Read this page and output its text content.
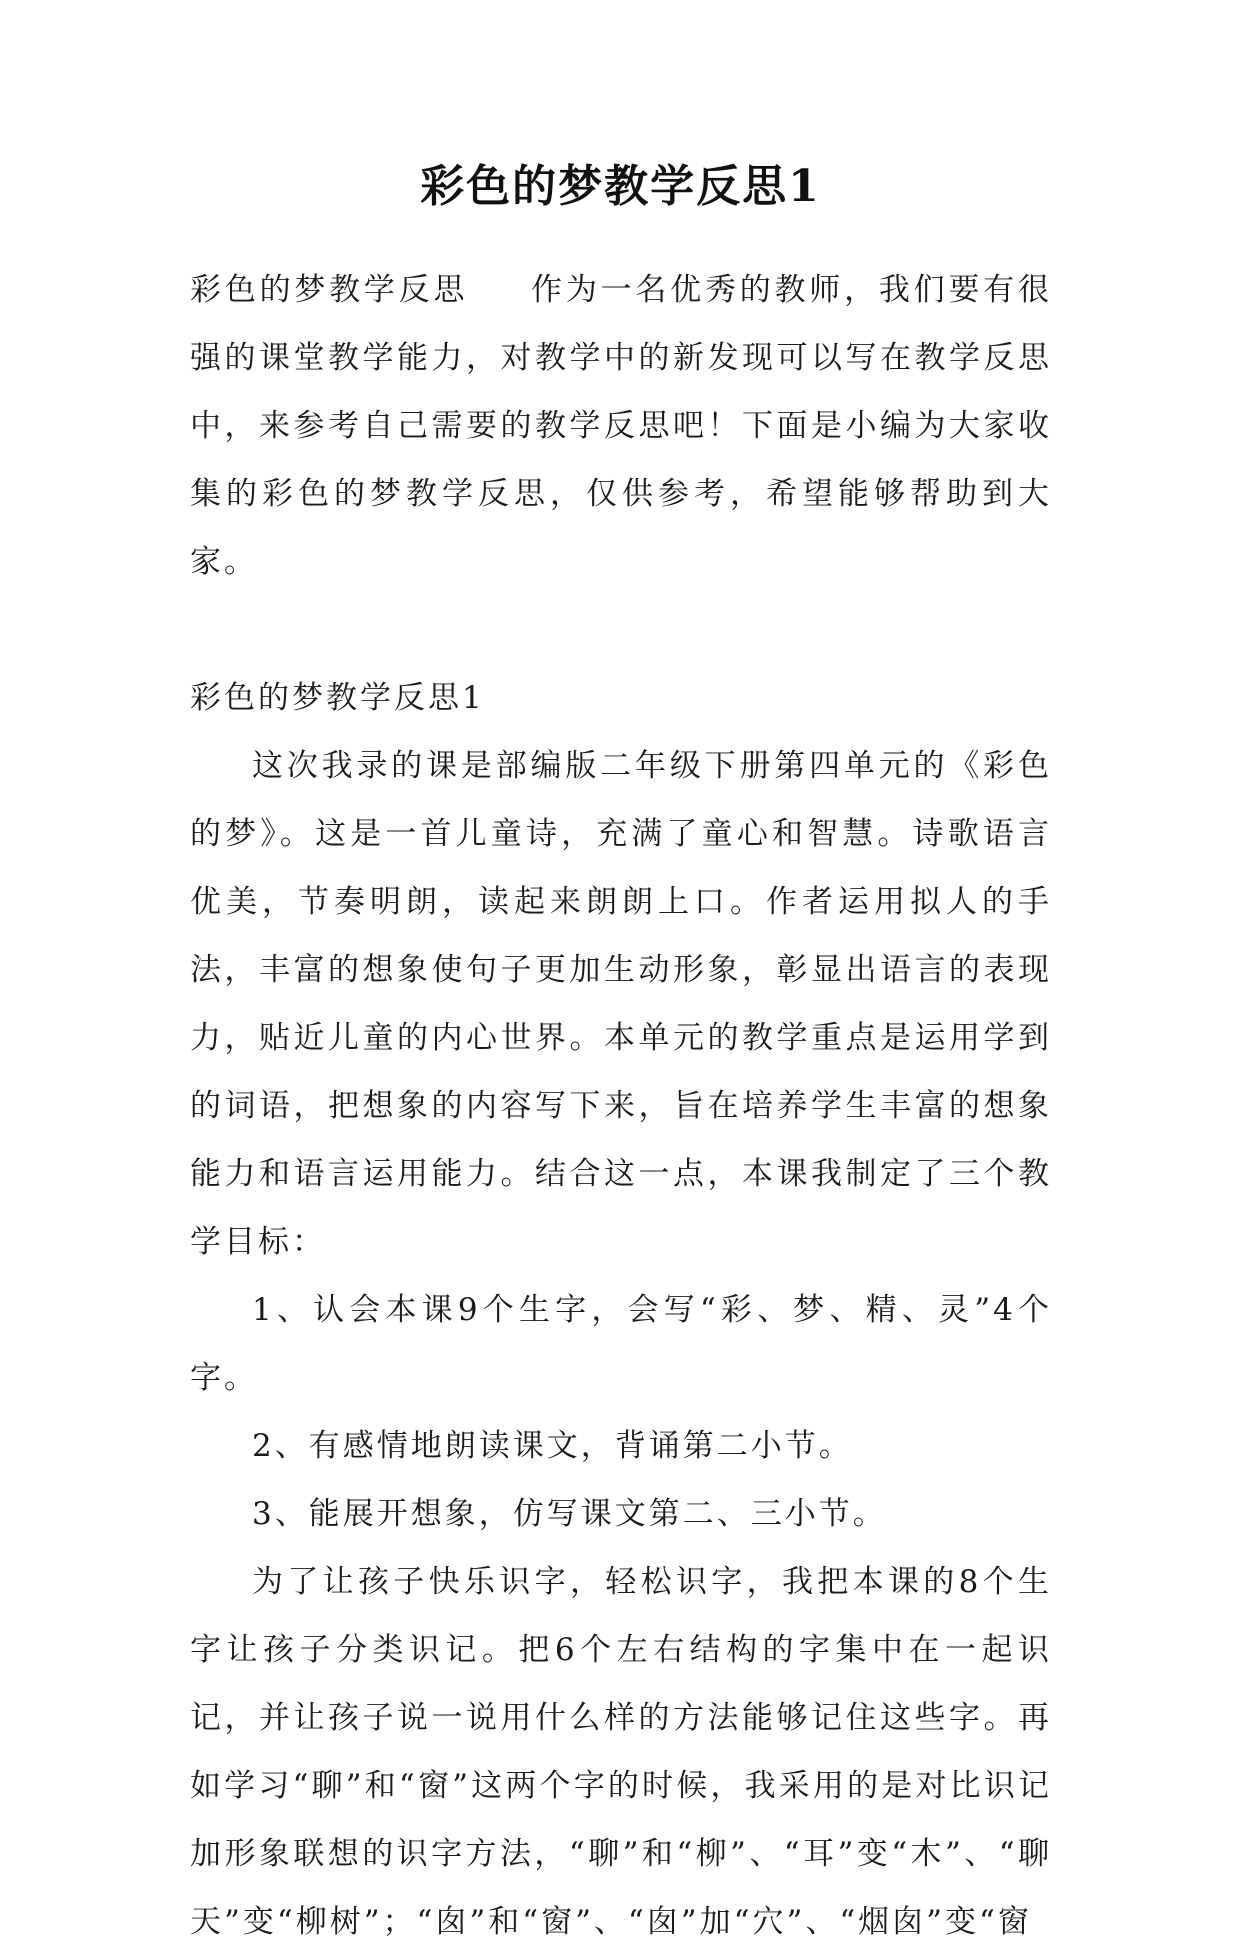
彩色的梦教学反思1

彩色的梦教学反思 作为一名优秀的教师，我们要有很强的课堂教学能力，对教学中的新发现可以写在教学反思中，来参考自己需要的教学反思吧！下面是小编为大家收集的彩色的梦教学反思，仅供参考，希望能够帮助到大家。

彩色的梦教学反思1

这次我录的课是部编版二年级下册第四单元的《彩色的梦》。这是一首儿童诗，充满了童心和智慧。诗歌语言优美，节奏明朗，读起来朗朗上口。作者运用拟人的手法，丰富的想象使句子更加生动形象，彰显出语言的表现力，贴近儿童的内心世界。本单元的教学重点是运用学到的词语，把想象的内容写下来，旨在培养学生丰富的想象能力和语言运用能力。结合这一点，本课我制定了三个教学目标：

1、认会本课9个生字，会写“彩、梦、精、灵”4个字。

2、有感情地朗读课文，背诵第二小节。

3、能展开想象，仿写课文第二、三小节。

为了让孩子快乐识字，轻松识字，我把本课的8个生字让孩子分类识记。把6个左右结构的字集中在一起识记，并让孩子说一说用什么样的方法能够记住这些字。再如学习“聊”和“窗”这两个字的时候，我采用的是对比识记加形象联想的识字方法，“聊”和“柳”、“耳”变“木”、“聊天”变“柳树”；“囱”和“窗”、“囱”加“穴”、“烟囱”变“窗
